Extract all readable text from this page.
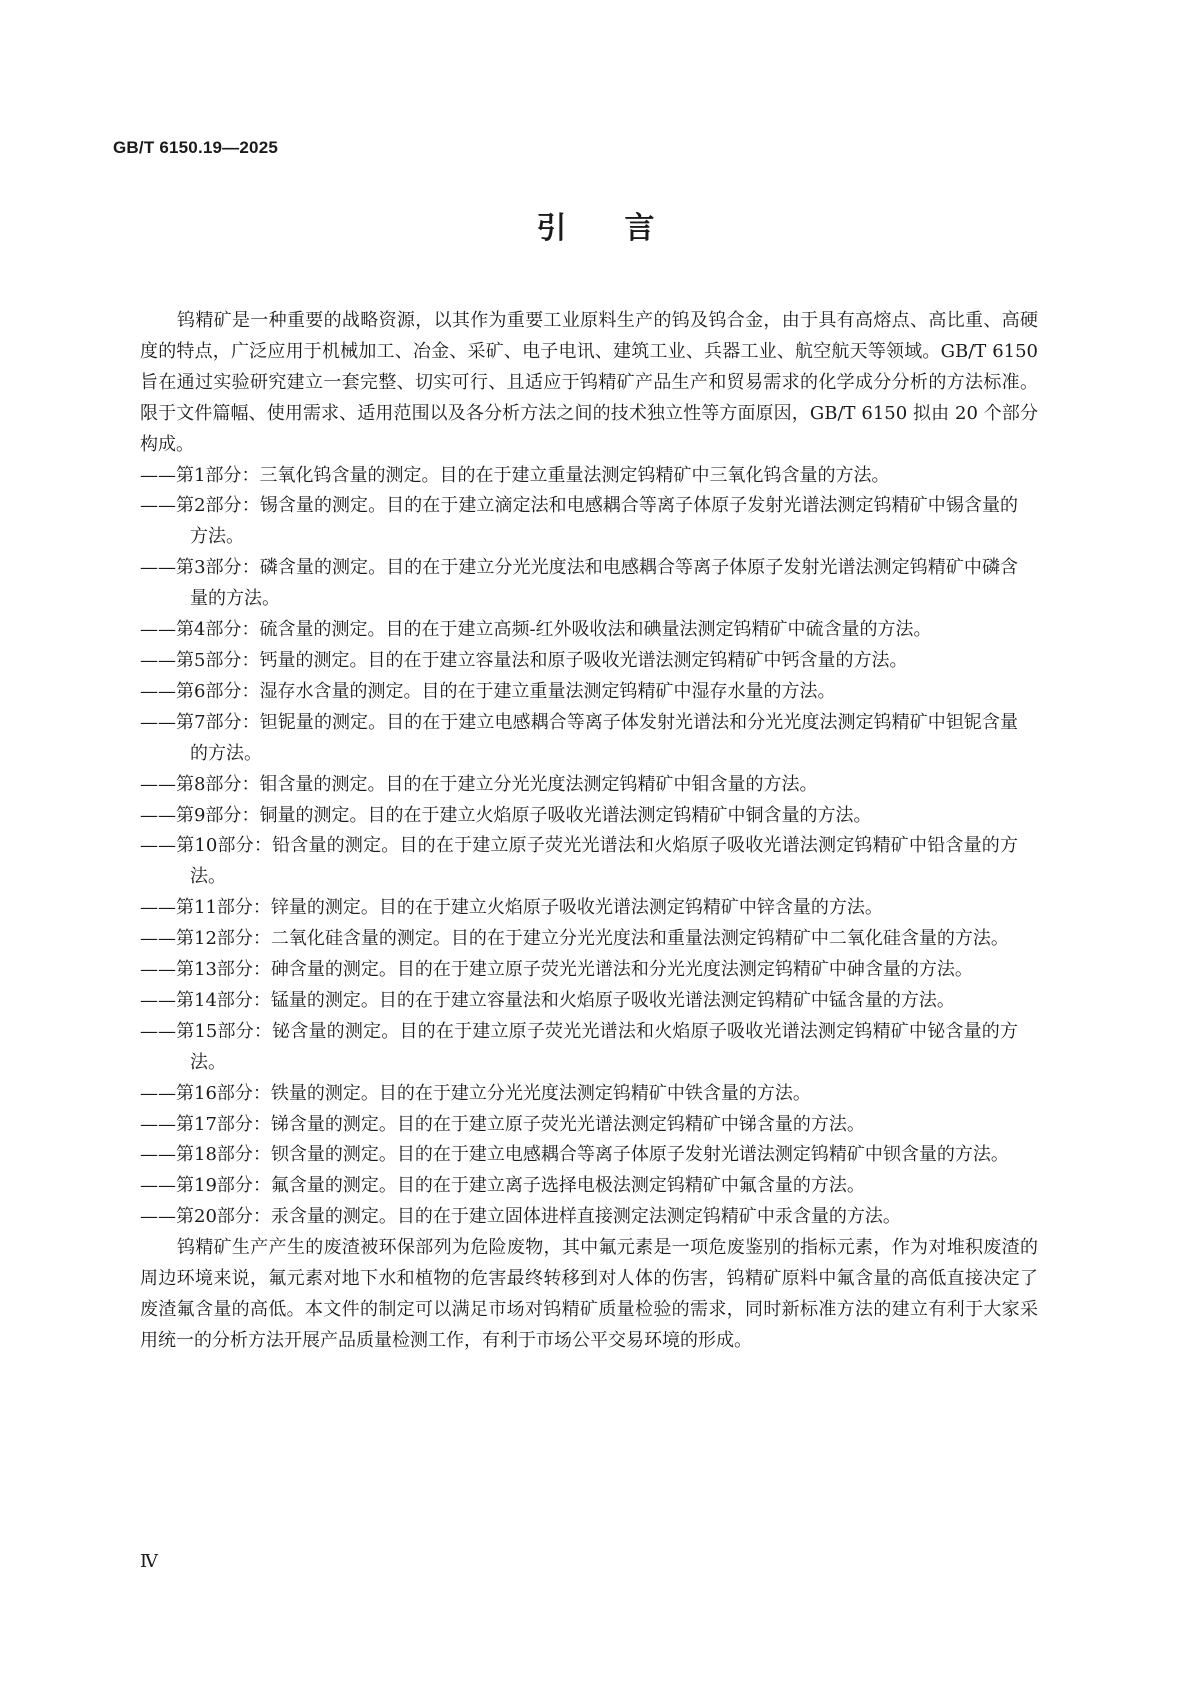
GB/T 6150.19—2025
引言

钨精矿是一种重要的战略资源，以其作为重要工业原料生产的钨及钨合金，由于具有高熔点、高比重、高硬度的特点，广泛应用于机械加工、冶金、采矿、电子电讯、建筑工业、兵器工业、航空航天等领域。GB/T 6150 旨在通过实验研究建立一套完整、切实可行、且适应于钨精矿产品生产和贸易需求的化学成分分析的方法标准。限于文件篇幅、使用需求、适用范围以及各分析方法之间的技术独立性等方面原因，GB/T 6150 拟由 20 个部分构成。

——第1部分：三氧化钨含量的测定。目的在于建立重量法测定钨精矿中三氧化钨含量的方法。
——第2部分：锡含量的测定。目的在于建立滴定法和电感耦合等离子体原子发射光谱法测定钨精矿中锡含量的方法。
——第3部分：磷含量的测定。目的在于建立分光光度法和电感耦合等离子体原子发射光谱法测定钨精矿中磷含量的方法。
——第4部分：硫含量的测定。目的在于建立高频-红外吸收法和碘量法测定钨精矿中硫含量的方法。
——第5部分：钙量的测定。目的在于建立容量法和原子吸收光谱法测定钨精矿中钙含量的方法。
——第6部分：湿存水含量的测定。目的在于建立重量法测定钨精矿中湿存水量的方法。
——第7部分：钽铌量的测定。目的在于建立电感耦合等离子体发射光谱法和分光光度法测定钨精矿中钽铌含量的方法。
——第8部分：钼含量的测定。目的在于建立分光光度法测定钨精矿中钼含量的方法。
——第9部分：铜量的测定。目的在于建立火焰原子吸收光谱法测定钨精矿中铜含量的方法。
——第10部分：铅含量的测定。目的在于建立原子荧光光谱法和火焰原子吸收光谱法测定钨精矿中铅含量的方法。
——第11部分：锌量的测定。目的在于建立火焰原子吸收光谱法测定钨精矿中锌含量的方法。
——第12部分：二氧化硅含量的测定。目的在于建立分光光度法和重量法测定钨精矿中二氧化硅含量的方法。
——第13部分：砷含量的测定。目的在于建立原子荧光光谱法和分光光度法测定钨精矿中砷含量的方法。
——第14部分：锰量的测定。目的在于建立容量法和火焰原子吸收光谱法测定钨精矿中锰含量的方法。
——第15部分：铋含量的测定。目的在于建立原子荧光光谱法和火焰原子吸收光谱法测定钨精矿中铋含量的方法。
——第16部分：铁量的测定。目的在于建立分光光度法测定钨精矿中铁含量的方法。
——第17部分：锑含量的测定。目的在于建立原子荧光光谱法测定钨精矿中锑含量的方法。
——第18部分：钡含量的测定。目的在于建立电感耦合等离子体原子发射光谱法测定钨精矿中钡含量的方法。
——第19部分：氟含量的测定。目的在于建立离子选择电极法测定钨精矿中氟含量的方法。
——第20部分：汞含量的测定。目的在于建立固体进样直接测定法测定钨精矿中汞含量的方法。

钨精矿生产产生的废渣被环保部列为危险废物，其中氟元素是一项危废鉴别的指标元素，作为对堆积废渣的周边环境来说，氟元素对地下水和植物的危害最终转移到对人体的伤害，钨精矿原料中氟含量的高低直接决定了废渣氟含量的高低。本文件的制定可以满足市场对钨精矿质量检验的需求，同时新标准方法的建立有利于大家采用统一的分析方法开展产品质量检测工作，有利于市场公平交易环境的形成。

Ⅳ
